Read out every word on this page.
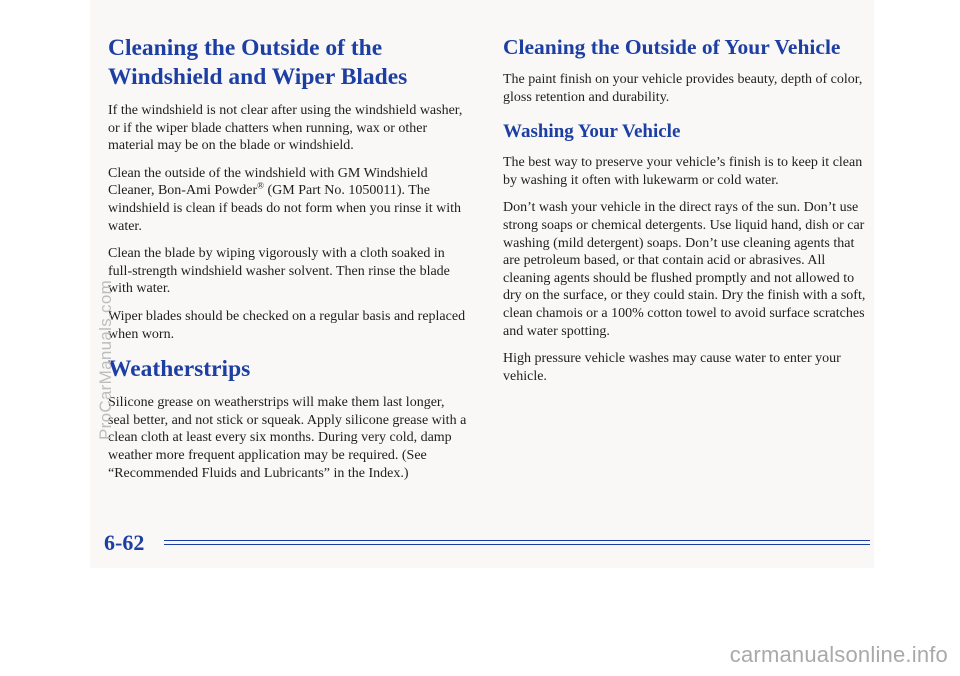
Cleaning the Outside of the
Windshield and Wiper Blades

If the windshield is not clear after using the windshield washer, or if the wiper blade chatters when running, wax or other material may be on the blade or windshield.

Clean the outside of the windshield with GM Windshield Cleaner, Bon-Ami Powder® (GM Part No. 1050011). The windshield is clean if beads do not form when you rinse it with water.

Clean the blade by wiping vigorously with a cloth soaked in full-strength windshield washer solvent. Then rinse the blade with water.

Wiper blades should be checked on a regular basis and replaced when worn.

Weatherstrips

Silicone grease on weatherstrips will make them last longer, seal better, and not stick or squeak. Apply silicone grease with a clean cloth at least every six months. During very cold, damp weather more frequent application may be required. (See “Recommended Fluids and Lubricants” in the Index.)

Cleaning the Outside of Your Vehicle

The paint finish on your vehicle provides beauty, depth of color, gloss retention and durability.

Washing Your Vehicle

The best way to preserve your vehicle’s finish is to keep it clean by washing it often with lukewarm or cold water.

Don’t wash your vehicle in the direct rays of the sun. Don’t use strong soaps or chemical detergents. Use liquid hand, dish or car washing (mild detergent) soaps. Don’t use cleaning agents that are petroleum based, or that contain acid or abrasives. All cleaning agents should be flushed promptly and not allowed to dry on the surface, or they could stain. Dry the finish with a soft, clean chamois or a 100% cotton towel to avoid surface scratches and water spotting.

High pressure vehicle washes may cause water to enter your vehicle.

6-62
ProCarManuals.com
carmanualsonline.info
